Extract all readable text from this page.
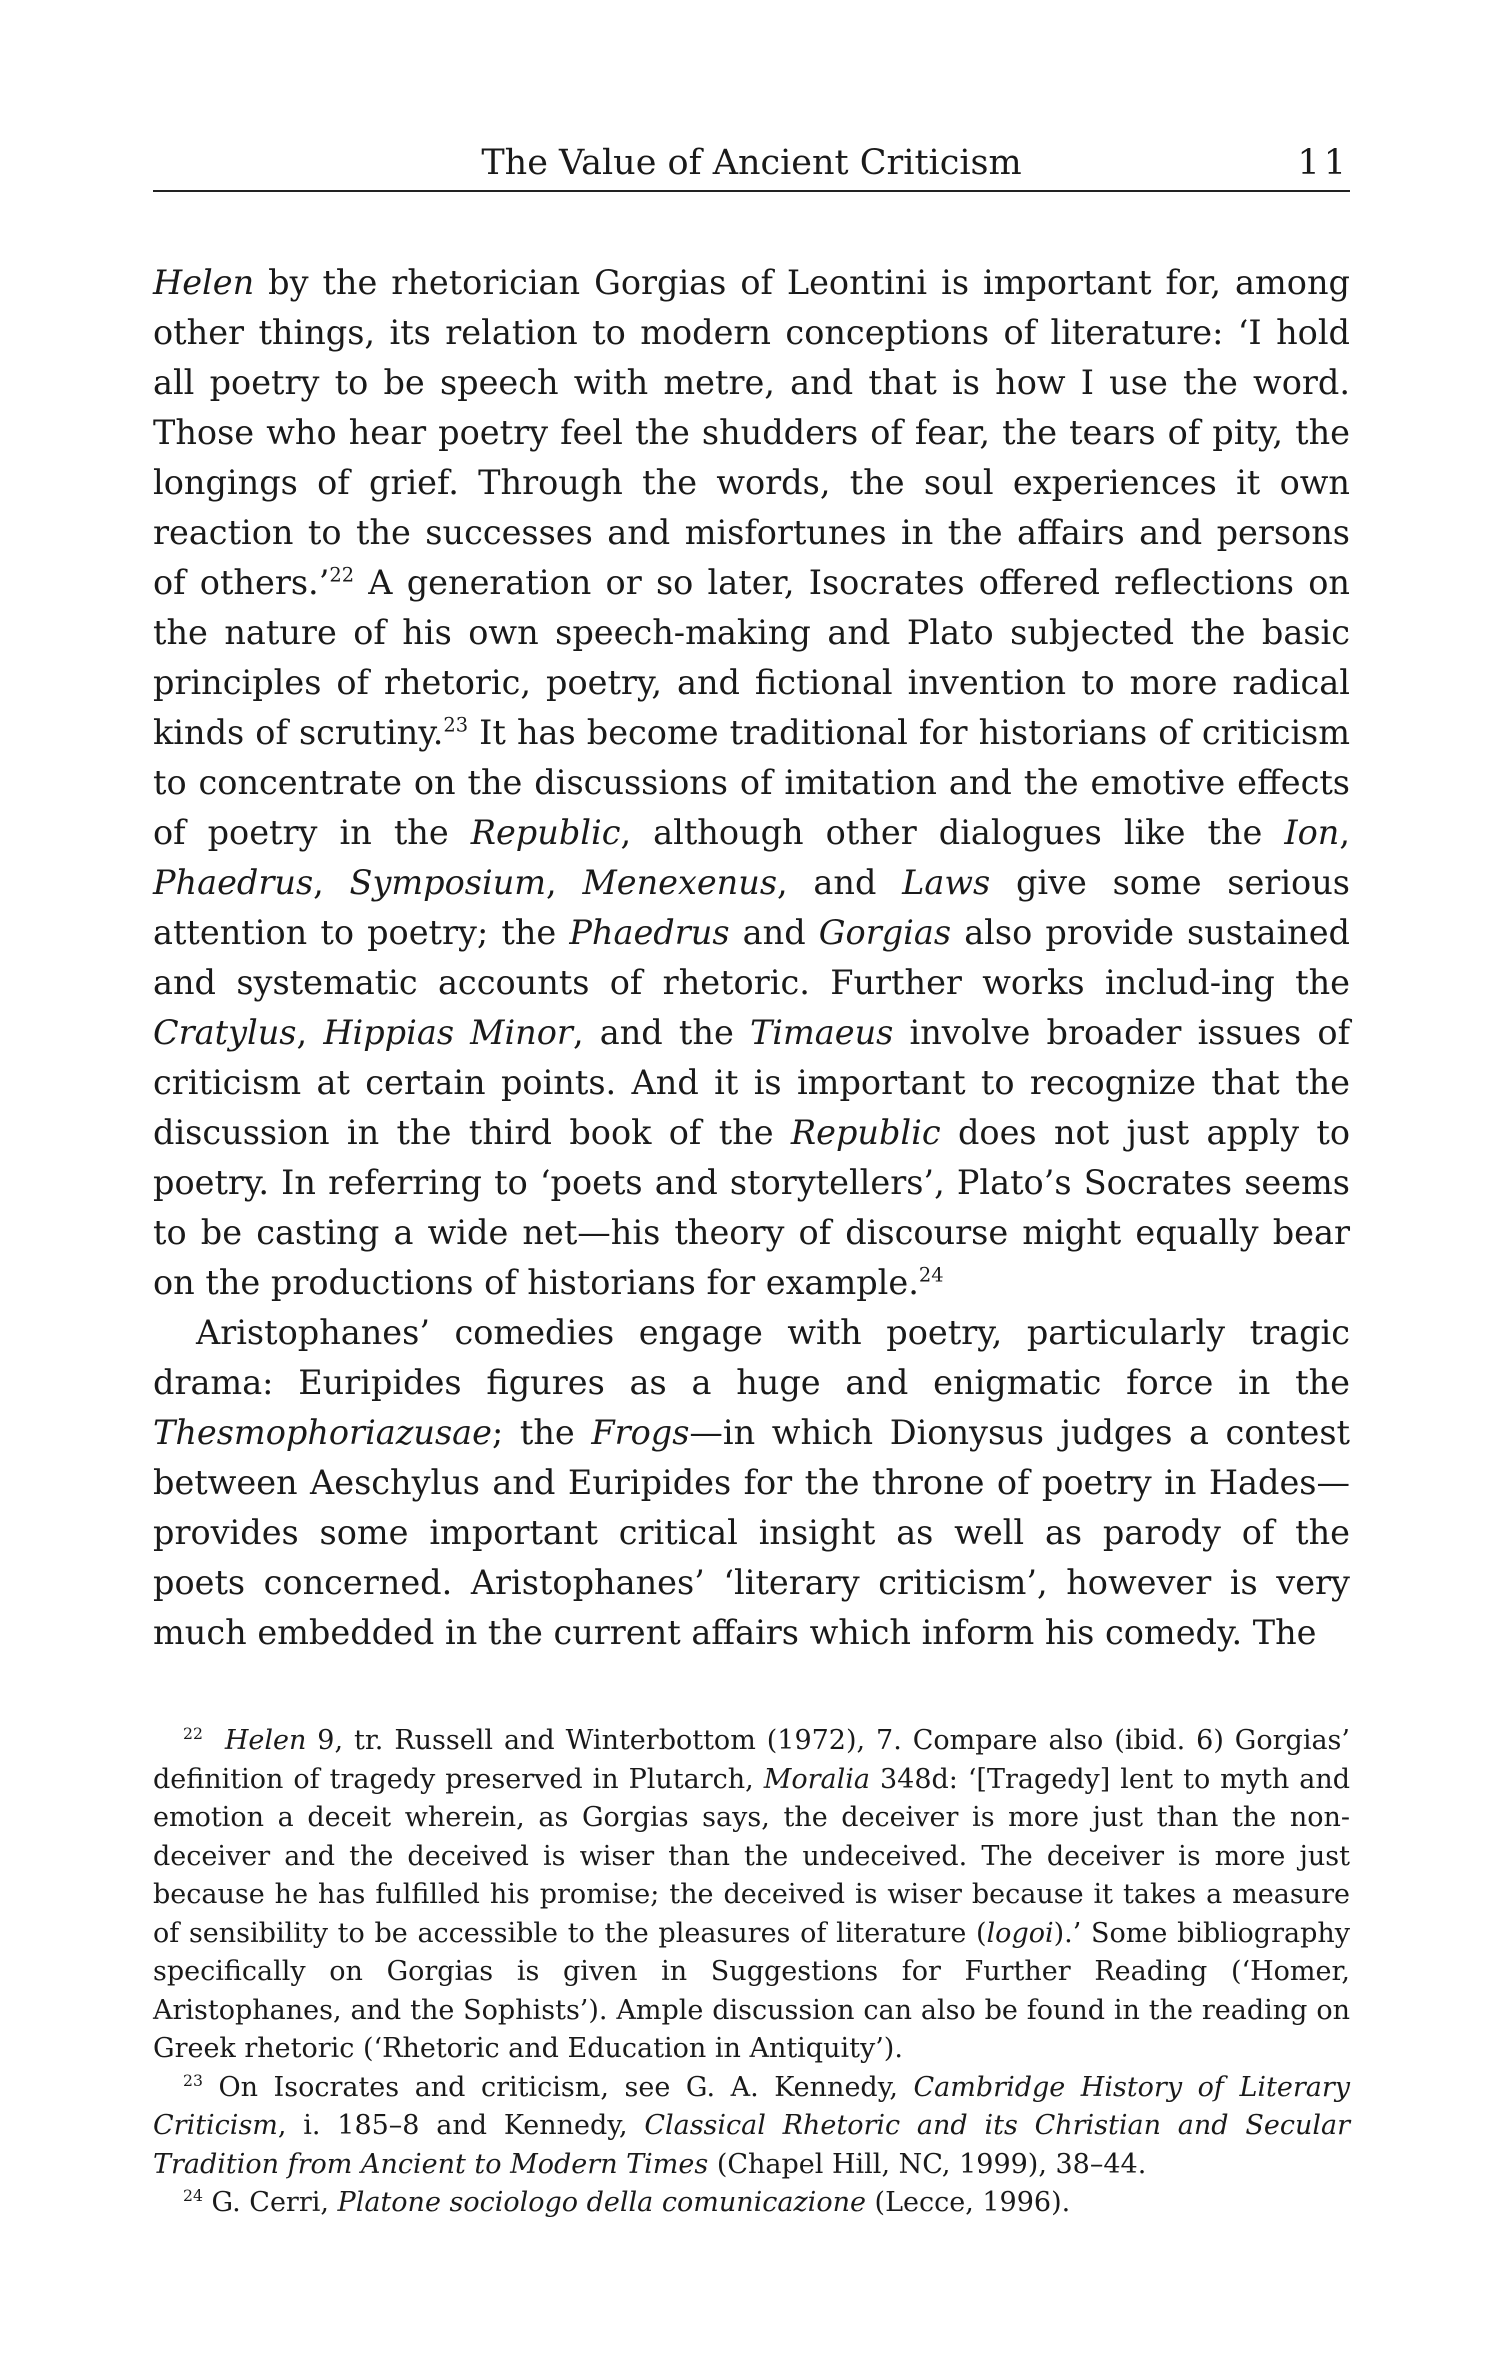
The Value of Ancient Criticism	11

Helen by the rhetorician Gorgias of Leontini is important for, among other things, its relation to modern conceptions of literature: ‘I hold all poetry to be speech with metre, and that is how I use the word. Those who hear poetry feel the shudders of fear, the tears of pity, the longings of grief. Through the words, the soul experiences it own reaction to the successes and misfortunes in the affairs and persons of others.’$^{22}$ A generation or so later, Isocrates offered reflections on the nature of his own speech-making and Plato subjected the basic principles of rhetoric, poetry, and fictional invention to more radical kinds of scrutiny.$^{23}$ It has become traditional for historians of criticism to concentrate on the discussions of imitation and the emotive effects of poetry in the Republic, although other dialogues like the Ion, Phaedrus, Symposium, Menexenus, and Laws give some serious attention to poetry; the Phaedrus and Gorgias also provide sustained and systematic accounts of rhetoric. Further works includ-ing the Cratylus, Hippias Minor, and the Timaeus involve broader issues of criticism at certain points. And it is important to recognize that the discussion in the third book of the Republic does not just apply to poetry. In referring to ‘poets and storytellers’, Plato’s Socrates seems to be casting a wide net—his theory of discourse might equally bear on the productions of historians for example.$^{24}$

Aristophanes’ comedies engage with poetry, particularly tragic drama: Euripides figures as a huge and enigmatic force in the Thesmophoriazusae; the Frogs—in which Dionysus judges a contest between Aeschylus and Euripides for the throne of poetry in Hades—provides some important critical insight as well as parody of the poets concerned. Aristophanes’ ‘literary criticism’, however is very much embedded in the current affairs which inform his comedy. The

$^{22}$ Helen 9, tr. Russell and Winterbottom (1972), 7. Compare also (ibid. 6) Gorgias’ definition of tragedy preserved in Plutarch, Moralia 348d: ‘[Tragedy] lent to myth and emotion a deceit wherein, as Gorgias says, the deceiver is more just than the non-deceiver and the deceived is wiser than the undeceived. The deceiver is more just because he has fulfilled his promise; the deceived is wiser because it takes a measure of sensibility to be accessible to the pleasures of literature (logoi).’ Some bibliography specifically on Gorgias is given in Suggestions for Further Reading (‘Homer, Aristophanes, and the Sophists’). Ample discussion can also be found in the reading on Greek rhetoric (‘Rhetoric and Education in Antiquity’).

$^{23}$ On Isocrates and criticism, see G. A. Kennedy, Cambridge History of Literary Criticism, i. 185–8 and Kennedy, Classical Rhetoric and its Christian and Secular Tradition from Ancient to Modern Times (Chapel Hill, NC, 1999), 38–44.

$^{24}$ G. Cerri, Platone sociologo della comunicazione (Lecce, 1996).
